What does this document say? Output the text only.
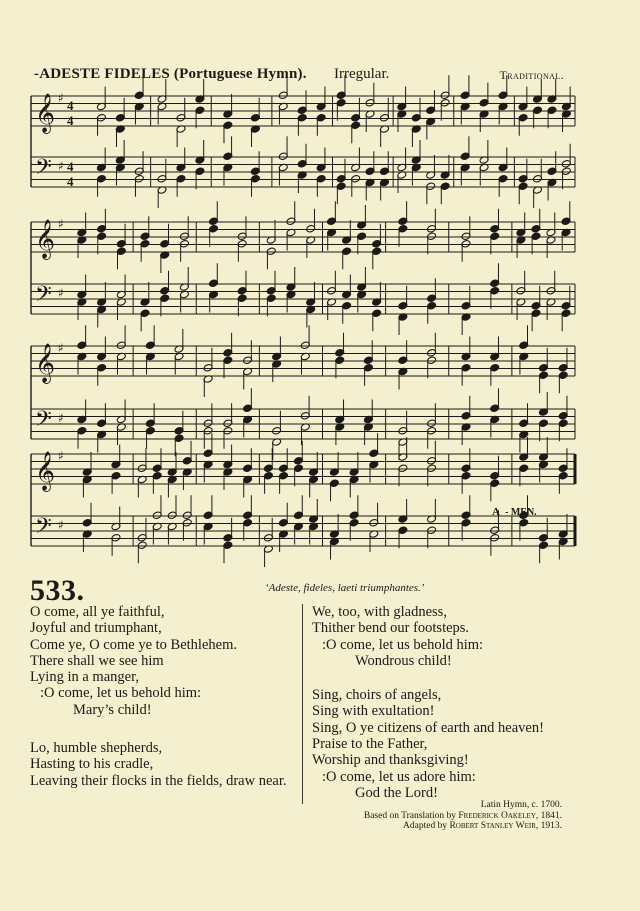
-ADESTE FIDELES (Portuguese Hymn). Irregular.	Traditional.
𝄞
𝄢
♯
♯
4
4
4
4
𝄞
𝄢
♯
♯
𝄞
𝄢
♯
♯
𝄞
𝄢
♯
♯
A - MEN.
533.	‘Adeste, fideles, laeti triumphantes.’
O come, all ye faithful,
Joyful and triumphant,
Come ye, O come ye to Bethlehem.
There shall we see him
Lying in a manger,
:O come, let us behold him:
Mary’s child!
Lo, humble shepherds,
Hasting to his cradle,
Leaving their flocks in the fields, draw near.
We, too, with gladness,
Thither bend our footsteps.
:O come, let us behold him:
Wondrous child!
Sing, choirs of angels,
Sing with exultation!
Sing, O ye citizens of earth and heaven!
Praise to the Father,
Worship and thanksgiving!
:O come, let us adore him:
God the Lord!
Latin Hymn, c. 1700.
Based on Translation by Frederick Oakeley, 1841.
Adapted by Robert Stanley Weir, 1913.
